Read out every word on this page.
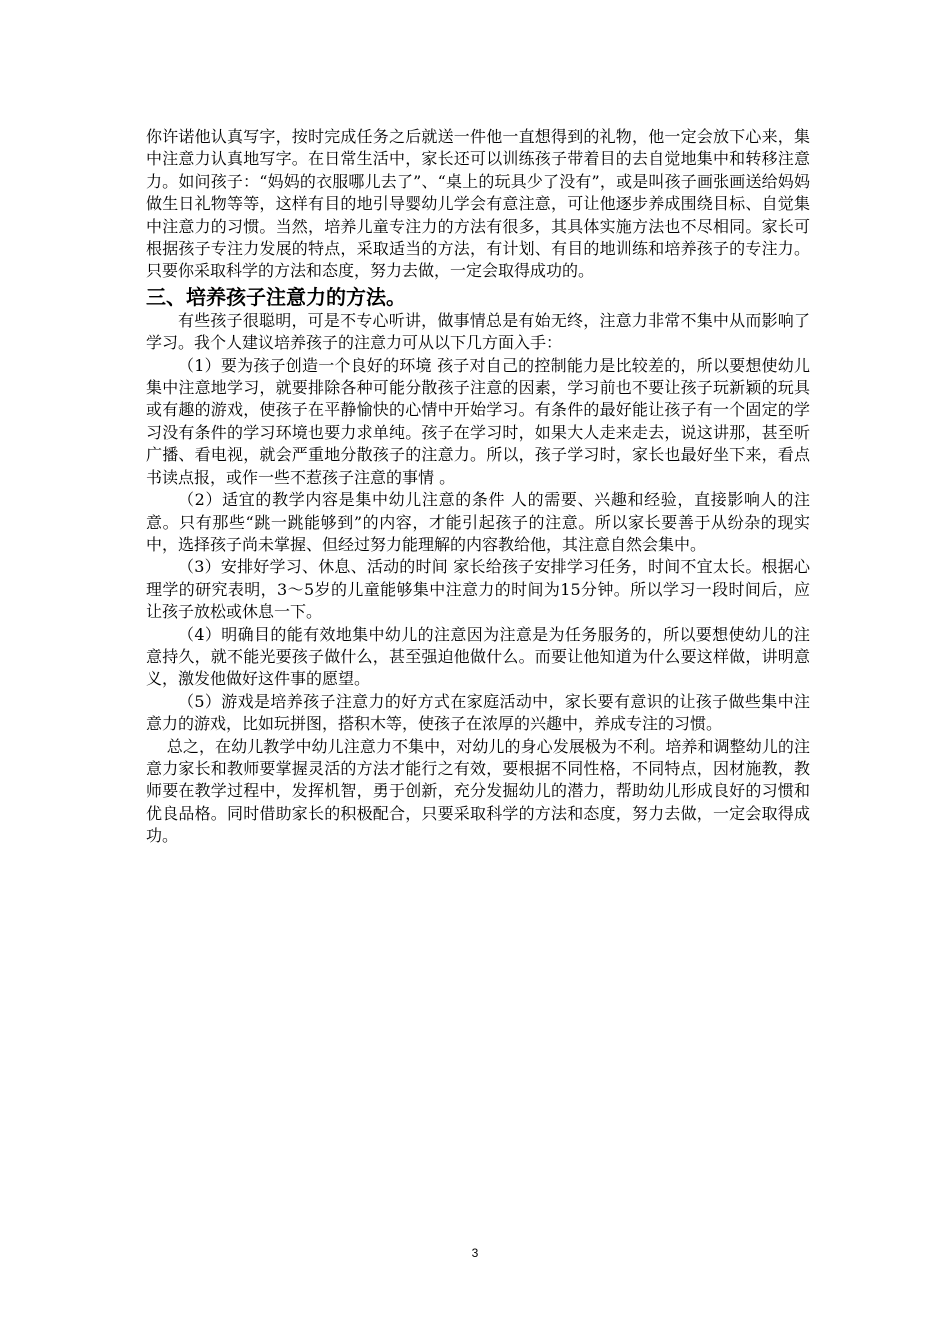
你许诺他认真写字，按时完成任务之后就送一件他一直想得到的礼物，他一定会放下心来，集中注意力认真地写字。在日常生活中，家长还可以训练孩子带着目的去自觉地集中和转移注意力。如问孩子：“妈妈的衣服哪儿去了”、“桌上的玩具少了没有”，或是叫孩子画张画送给妈妈做生日礼物等等，这样有目的地引导婴幼儿学会有意注意，可让他逐步养成围绕目标、自觉集中注意力的习惯。当然，培养儿童专注力的方法有很多，其具体实施方法也不尽相同。家长可根据孩子专注力发展的特点，采取适当的方法，有计划、有目的地训练和培养孩子的专注力。只要你采取科学的方法和态度，努力去做，一定会取得成功的。

三、培养孩子注意力的方法。

有些孩子很聪明，可是不专心听讲，做事情总是有始无终，注意力非常不集中从而影响了学习。我个人建议培养孩子的注意力可从以下几方面入手：

（1）要为孩子创造一个良好的环境 孩子对自己的控制能力是比较差的，所以要想使幼儿集中注意地学习，就要排除各种可能分散孩子注意的因素，学习前也不要让孩子玩新颖的玩具或有趣的游戏，使孩子在平静愉快的心情中开始学习。有条件的最好能让孩子有一个固定的学习没有条件的学习环境也要力求单纯。孩子在学习时，如果大人走来走去，说这讲那，甚至听广播、看电视，就会严重地分散孩子的注意力。所以，孩子学习时，家长也最好坐下来，看点书读点报，或作一些不惹孩子注意的事情 。

（2）适宜的教学内容是集中幼儿注意的条件 人的需要、兴趣和经验，直接影响人的注意。只有那些“跳一跳能够到”的内容，才能引起孩子的注意。所以家长要善于从纷杂的现实中，选择孩子尚未掌握、但经过努力能理解的内容教给他，其注意自然会集中。

（3）安排好学习、休息、活动的时间 家长给孩子安排学习任务，时间不宜太长。根据心理学的研究表明，3～5岁的儿童能够集中注意力的时间为15分钟。所以学习一段时间后，应让孩子放松或休息一下。

（4）明确目的能有效地集中幼儿的注意因为注意是为任务服务的，所以要想使幼儿的注意持久，就不能光要孩子做什么，甚至强迫他做什么。而要让他知道为什么要这样做，讲明意义，激发他做好这件事的愿望。

（5）游戏是培养孩子注意力的好方式在家庭活动中，家长要有意识的让孩子做些集中注意力的游戏，比如玩拼图，搭积木等，使孩子在浓厚的兴趣中，养成专注的习惯。

总之，在幼儿教学中幼儿注意力不集中，对幼儿的身心发展极为不利。培养和调整幼儿的注意力家长和教师要掌握灵活的方法才能行之有效，要根据不同性格，不同特点，因材施教，教师要在教学过程中，发挥机智，勇于创新，充分发掘幼儿的潜力，帮助幼儿形成良好的习惯和优良品格。同时借助家长的积极配合，只要采取科学的方法和态度，努力去做，一定会取得成功。

3
